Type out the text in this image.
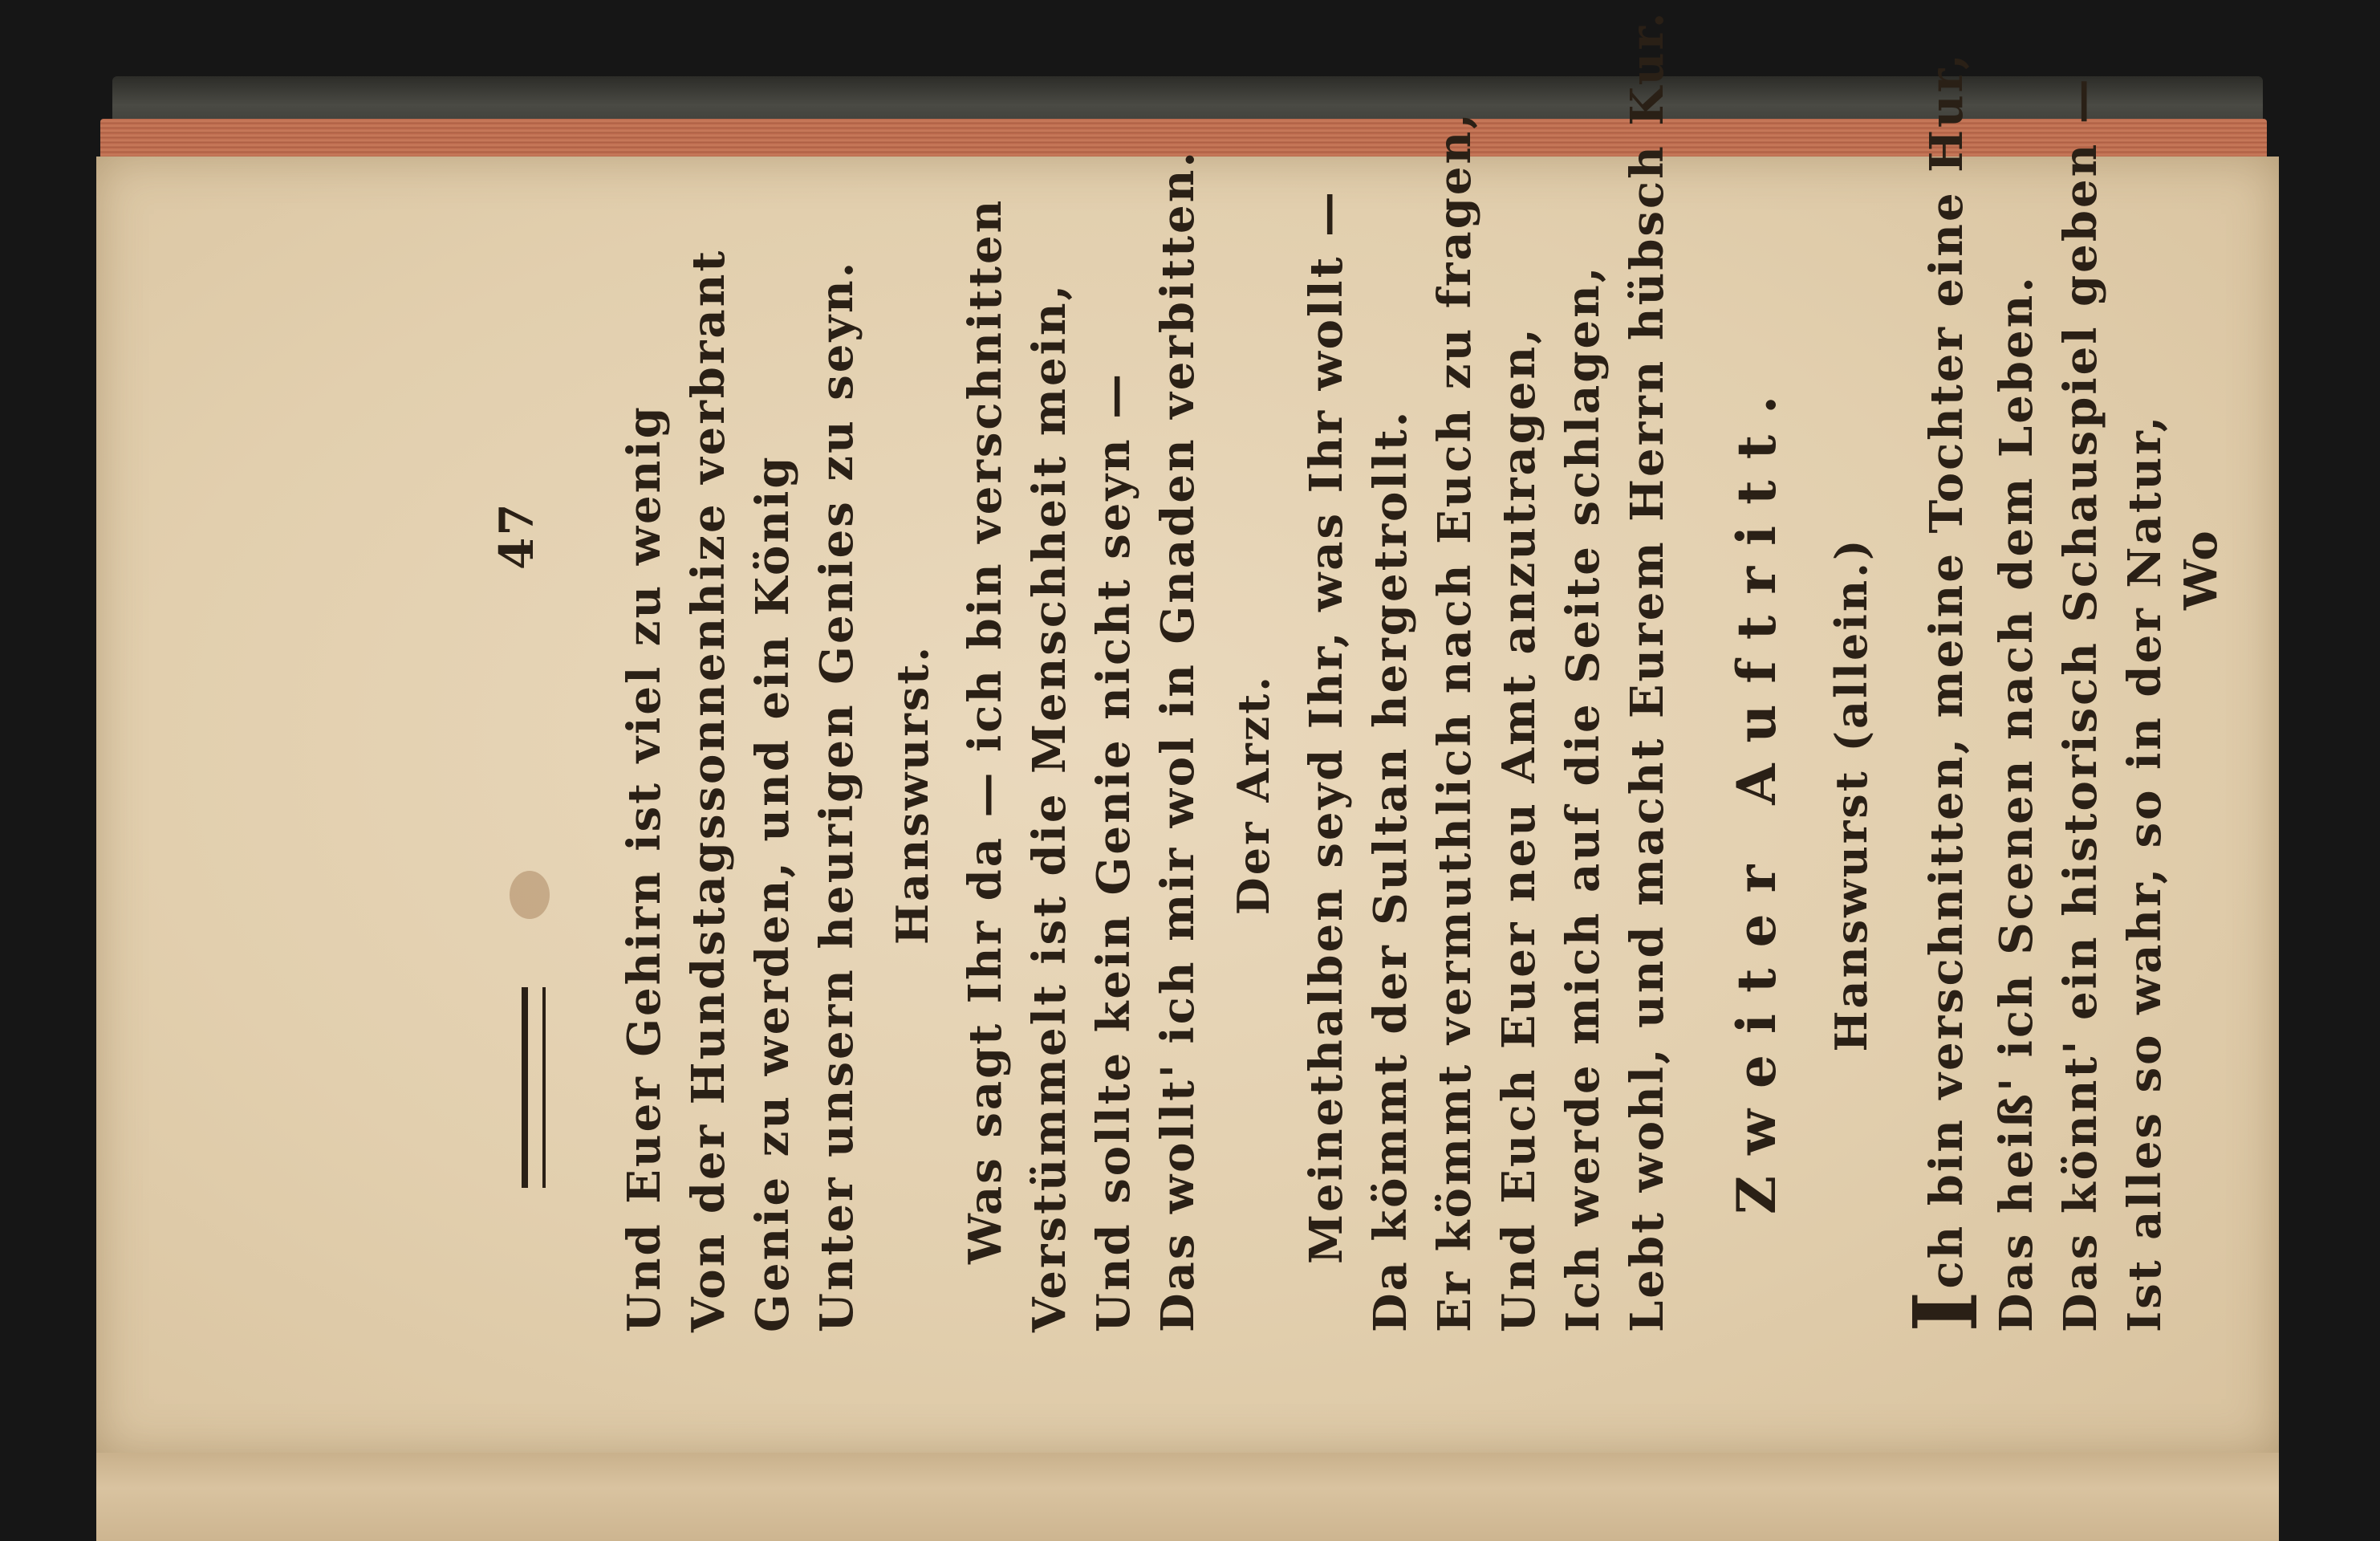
47 Und Euer Gehirn ist viel zu wenig Von der Hundstagssonnenhize verbrant Genie zu werden, und ein König Unter unsern heurigen Genies zu seyn. Hanswurst. Was sagt Ihr da — ich bin verschnitten Verstümmelt ist die Menschheit mein, Und sollte kein Genie nicht seyn — Das wollt' ich mir wol in Gnaden verbitten. Der Arzt. Meinethalben seyd Ihr, was Ihr wollt — Da kömmt der Sultan hergetrollt. Er kömmt vermuthlich nach Euch zu fragen, Und Euch Euer neu Amt anzutragen, Ich werde mich auf die Seite schlagen, Lebt wohl, und macht Eurem Herrn hübsch Kur. Zweiter Auftritt. Hanswurst (allein.)
Ich bin verschnitten, meine Tochter eine Hur, Das heiß' ich Scenen nach dem Leben. Das könnt' ein historisch Schauspiel geben — Ist alles so wahr, so in der Natur, Wo
